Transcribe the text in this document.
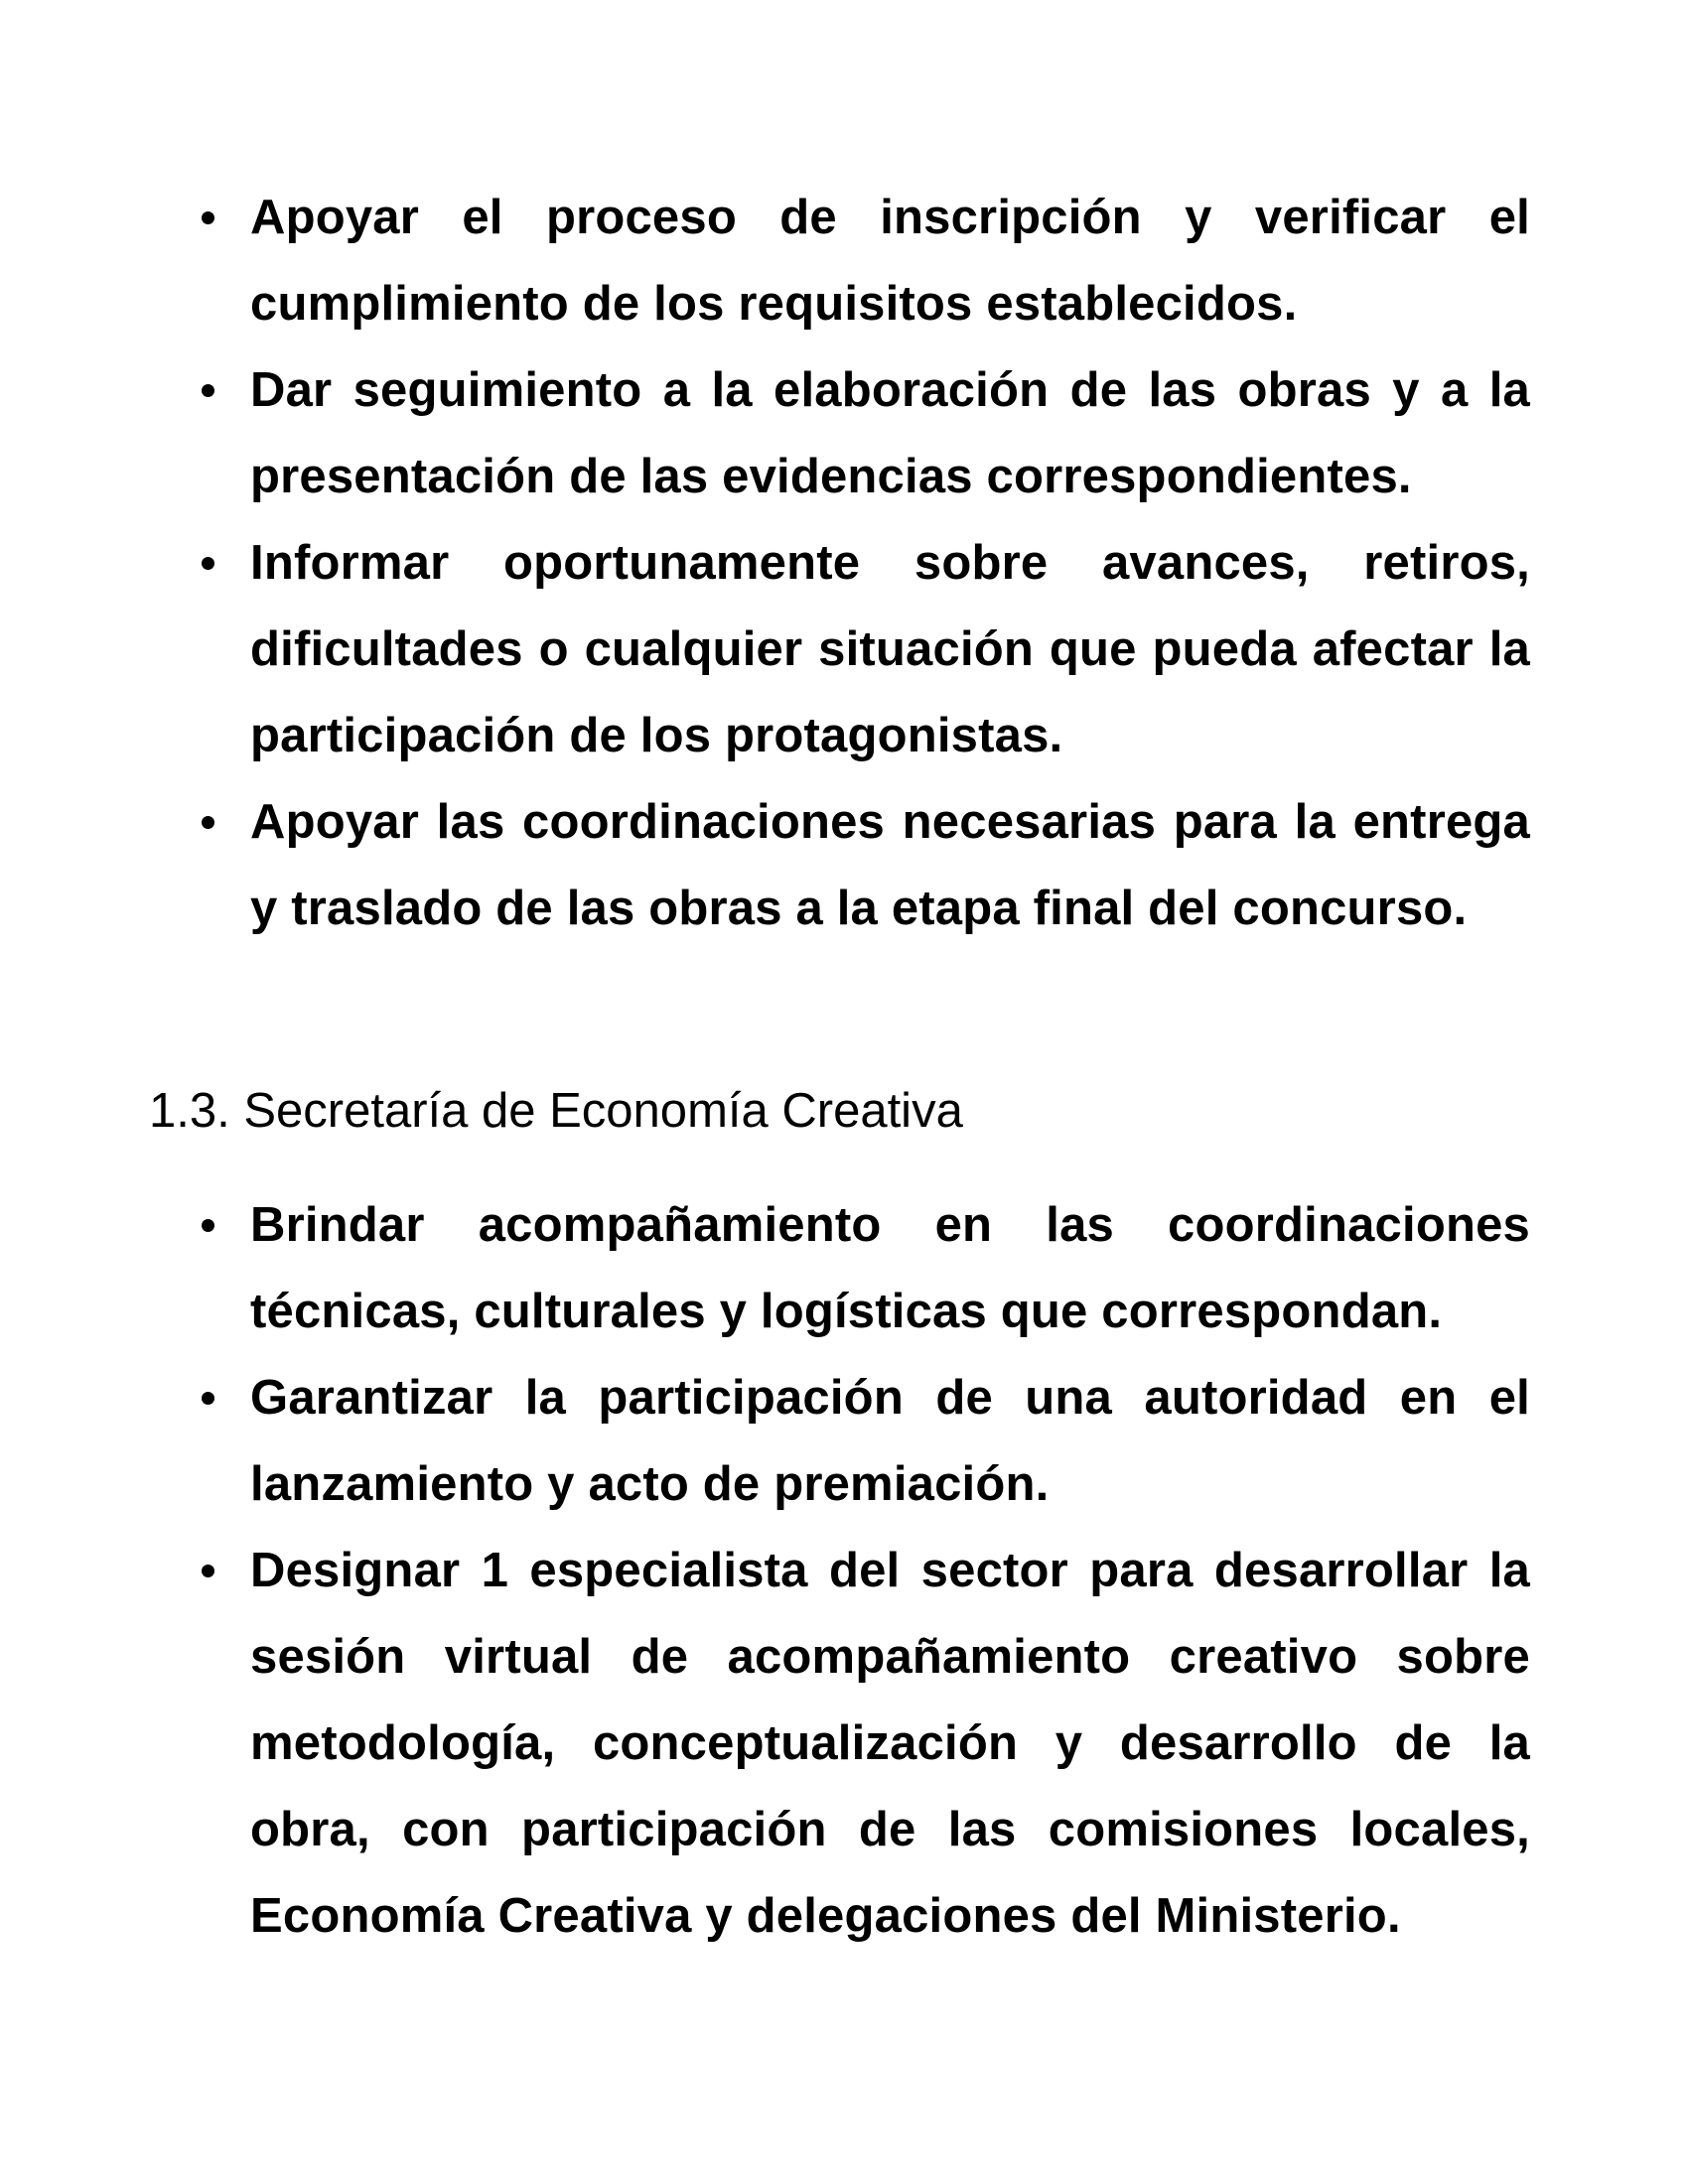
Apoyar el proceso de inscripción y verificar el cumplimiento de los requisitos establecidos.
Dar seguimiento a la elaboración de las obras y a la presentación de las evidencias correspondientes.
Informar oportunamente sobre avances, retiros, dificultades o cualquier situación que pueda afectar la participación de los protagonistas.
Apoyar las coordinaciones necesarias para la entrega y traslado de las obras a la etapa final del concurso.
1.3. Secretaría de Economía Creativa
Brindar acompañamiento en las coordinaciones técnicas, culturales y logísticas que correspondan.
Garantizar la participación de una autoridad en el lanzamiento y acto de premiación.
Designar 1 especialista del sector para desarrollar la sesión virtual de acompañamiento creativo sobre metodología, conceptualización y desarrollo de la obra, con participación de las comisiones locales, Economía Creativa y delegaciones del Ministerio.
